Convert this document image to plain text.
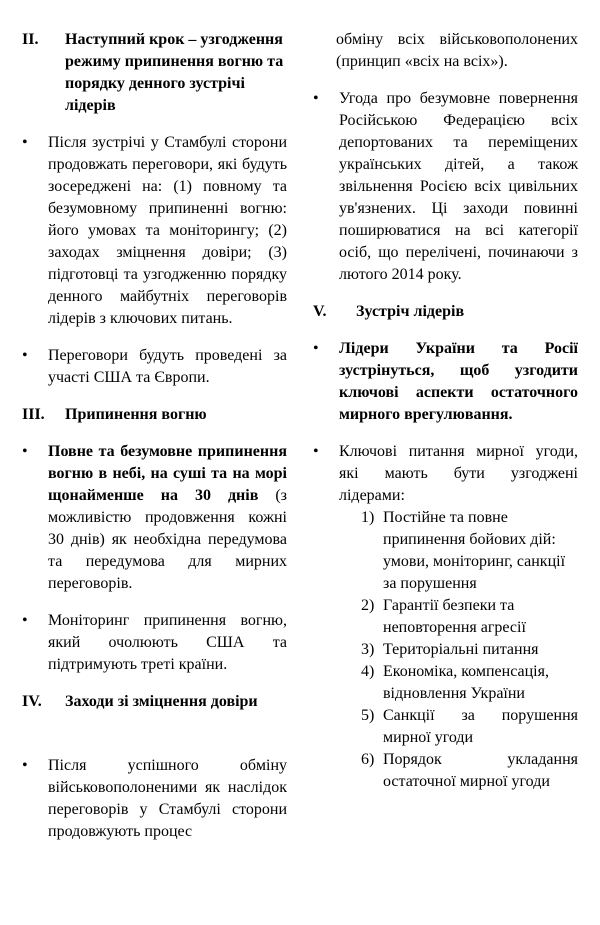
II.	Наступний крок – узгодження режиму припинення вогню та порядку денного зустрічі лідерів
•	Після зустрічі у Стамбулі сторони продовжать переговори, які будуть зосереджені на: (1) повному та безумовному припиненні вогню: його умовах та моніторингу; (2) заходах зміцнення довіри; (3) підготовці та узгодженню порядку денного майбутніх переговорів лідерів з ключових питань.
•	Переговори будуть проведені за участі США та Європи.
III.	Припинення вогню
•	Повне та безумовне припинення вогню в небі, на суші та на морі щонайменше на 30 днів (з можливістю продовження кожні 30 днів) як необхідна передумова та передумова для мирних переговорів.
•	Моніторинг припинення вогню, який очолюють США та підтримують треті країни.
IV.	Заходи зі зміцнення довіри
•	Після успішного обміну військовополоненими як наслідок переговорів у Стамбулі сторони продовжують процес
обміну всіх військовополонених (принцип «всіх на всіх»).
•	Угода про безумовне повернення Російською Федерацією всіх депортованих та переміщених українських дітей, а також звільнення Росією всіх цивільних ув'язнених. Ці заходи повинні поширюватися на всі категорії осіб, що перелічені, починаючи з лютого 2014 року.
V.	Зустріч лідерів
•	Лідери України та Росії зустрінуться, щоб узгодити ключові аспекти остаточного мирного врегулювання.
•	Ключові питання мирної угоди, які мають бути узгоджені лідерами:
1) Постійне та повне припинення бойових дій: умови, моніторинг, санкції за порушення
2) Гарантії безпеки та неповторення агресії
3) Територіальні питання
4) Економіка, компенсація, відновлення України
5) Санкції за порушення мирної угоди
6) Порядок укладання остаточної мирної угоди
